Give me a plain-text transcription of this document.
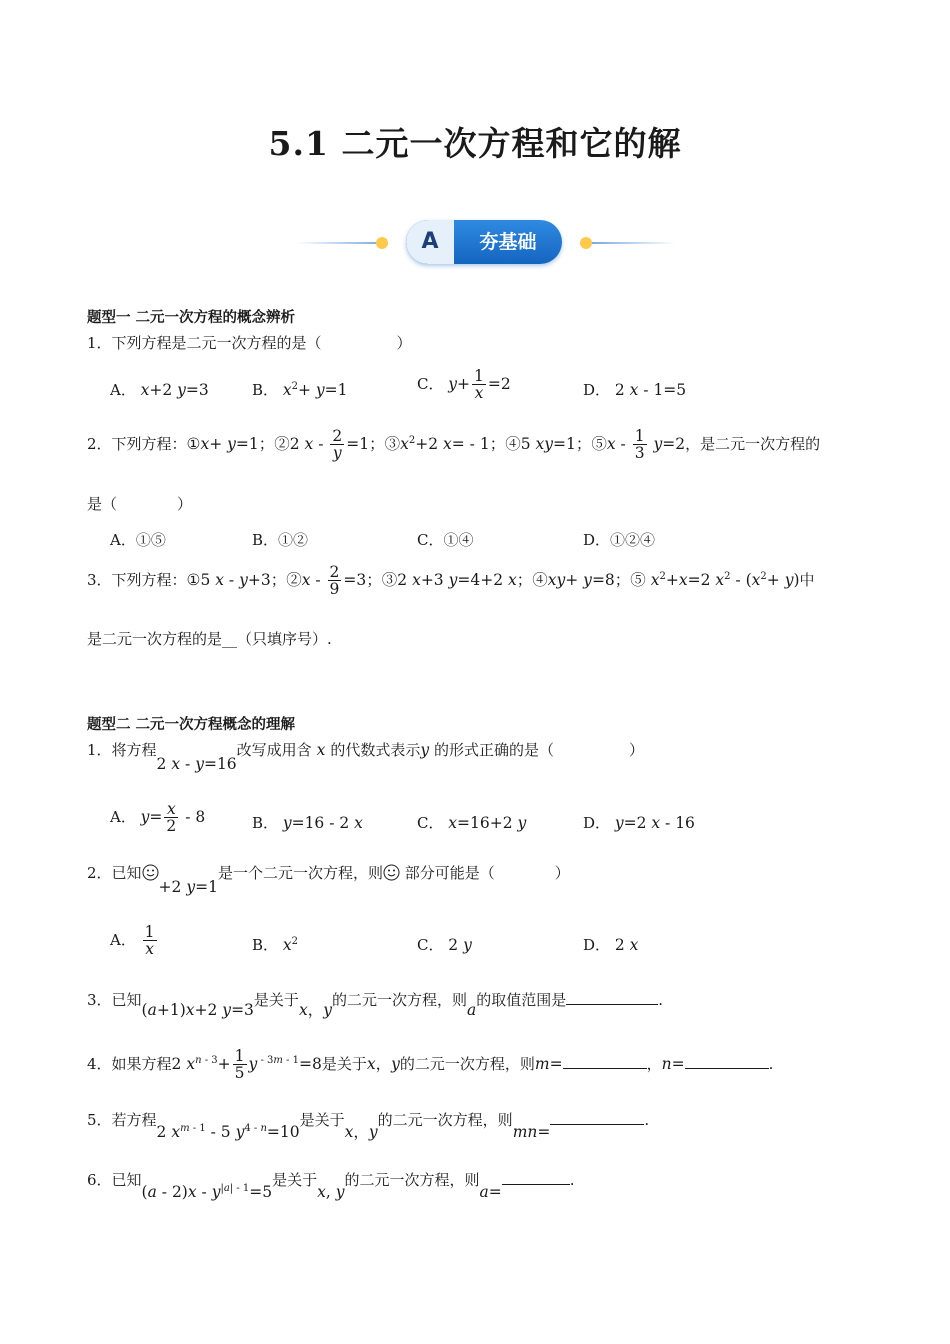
5.1 二元一次方程和它的解
A	夯基础
题型一 二元一次方程的概念辨析
1．下列方程是二元一次方程的是（　　　　　）
A． x+2 y=3	B． $x^2+ y=1$	C． $y+ \frac{1}{x} =2$	D． 2 x - 1=5
2．下列方程：①x+ y=1；②2 $x - \frac{2}{y} =1$；$③x^2+2$ x= - 1；④5 xy=1；⑤x - $\frac{1}{3} y=2$，是二元一次方程的
是（　　　　）
A．①⑤	B．①②	C．①④	D．①②④
3．下列方程：①5 x - y+3；②x - $\frac{2}{9} =3$；③2 x+3 y=4+2 x；④xy+ y=8；⑤ $x^2+x=2$ $x^2 - (x^2+ y)$中
是二元一次方程的是__（只填序号）.
题型二 二元一次方程概念的理解
1．将方程2 x - y=16改写成用含 x 的代数式表示y 的形式正确的是（　　　　　）
A． $y= \frac{x}{2} - 8$	B． y=16 - 2 x	C． x=16+2 y	D． y=2 x - 16
2．已知+2 y=1是一个二元一次方程，则 部分可能是（　　　　）
A． $\frac{1}{x}$	B． $x^2$	C． 2 y	D． 2 x
3．已知(a+1)x+2 y=3是关于x，y的二元一次方程，则a的取值范围是	.
4．如果方程2 $x^{n - 3}+ \frac{1}{5}$ y $^{- 3m - 1}$=8是关于x，y的二元一次方程，则m=	，n=	.
5．若方程2 $x^{m - 1} - 5$ $y^{4 - n}=10$是关于x，y的二元一次方程，则mn=.
6．已知$(a - 2)x - y^{|a| - 1}=5$是关于x, y的二元一次方程，则a=.
